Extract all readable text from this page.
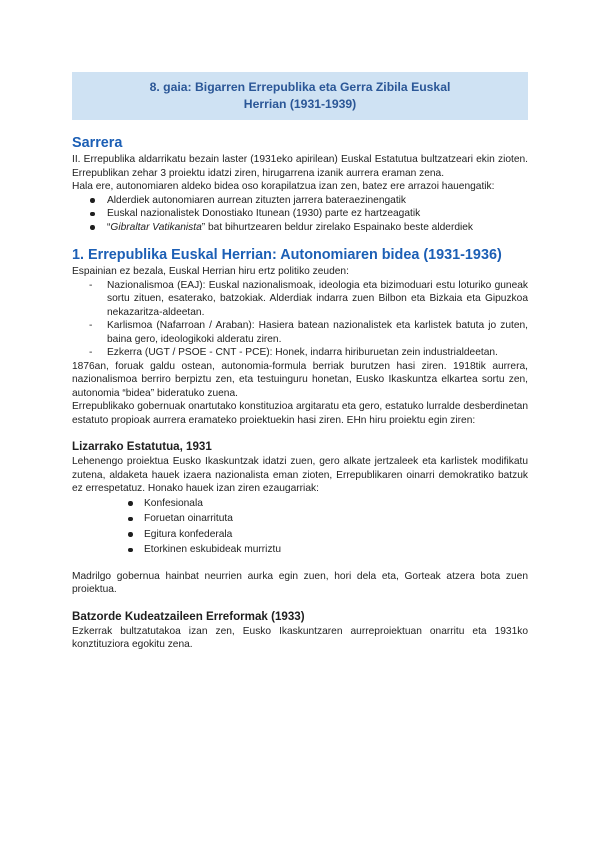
8. gaia: Bigarren Errepublika eta Gerra Zibila Euskal
Herrian (1931-1939)
Sarrera

II. Errepublika aldarrikatu bezain laster (1931eko apirilean) Euskal Estatutua bultzatzeari ekin zioten. Errepublikan zehar 3 proiektu idatzi ziren, hirugarrena izanik aurrera eraman zena.

Hala ere, autonomiaren aldeko bidea oso korapilatzua izan zen, batez ere arrazoi hauengatik:

Alderdiek autonomiaren aurrean zituzten jarrera bateraezinengatik
Euskal nazionalistek Donostiako Itunean (1930) parte ez hartzeagatik
“Gibraltar Vatikanista” bat bihurtzearen beldur zirelako Espainako beste alderdiek
1. Errepublika Euskal Herrian: Autonomiaren bidea (1931-1936)

Espainian ez bezala, Euskal Herrian hiru ertz politiko zeuden:

- Nazionalismoa (EAJ): Euskal nazionalismoak, ideologia eta bizimoduari estu loturiko guneak sortu zituen, esaterako, batzokiak. Alderdiak indarra zuen Bilbon eta Bizkaia eta Gipuzkoa nekazaritza-aldeetan.
- Karlismoa (Nafarroan / Araban): Hasiera batean nazionalistek eta karlistek batuta jo zuten, baina gero, ideologikoki alderatu ziren.
- Ezkerra (UGT / PSOE - CNT - PCE): Honek, indarra hiriburuetan zein industrialdeetan.

1876an, foruak galdu ostean, autonomia-formula berriak burutzen hasi ziren. 1918tik aurrera, nazionalismoa berriro berpiztu zen, eta testuinguru honetan, Eusko Ikaskuntza elkartea sortu zen, autonomia “bidea” bideratuko zuena.

Errepublikako gobernuak onartutako konstituzioa argitaratu eta gero, estatuko lurralde desberdinetan estatuto propioak aurrera eramateko proiektuekin hasi ziren. EHn hiru proiektu egin ziren:

Lizarrako Estatutua, 1931

Lehenengo proiektua Eusko Ikaskuntzak idatzi zuen, gero alkate jertzaleek eta karlistek modifikatu zutena, aldaketa hauek izaera nazionalista eman zioten, Errepublikaren oinarri demokratiko batzuk ez errespetatuz. Honako hauek izan ziren ezaugarriak:

Konfesionala
Foruetan oinarrituta
Egitura konfederala
Etorkinen eskubideak murriztu

Madrilgo gobernua hainbat neurrien aurka egin zuen, hori dela eta, Gorteak atzera bota zuen proiektua.

Batzorde Kudeatzaileen Erreformak (1933)

Ezkerrak bultzatutakoa izan zen, Eusko Ikaskuntzaren aurreproiektuan onarritu eta 1931ko konztituziora egokitu zena.
